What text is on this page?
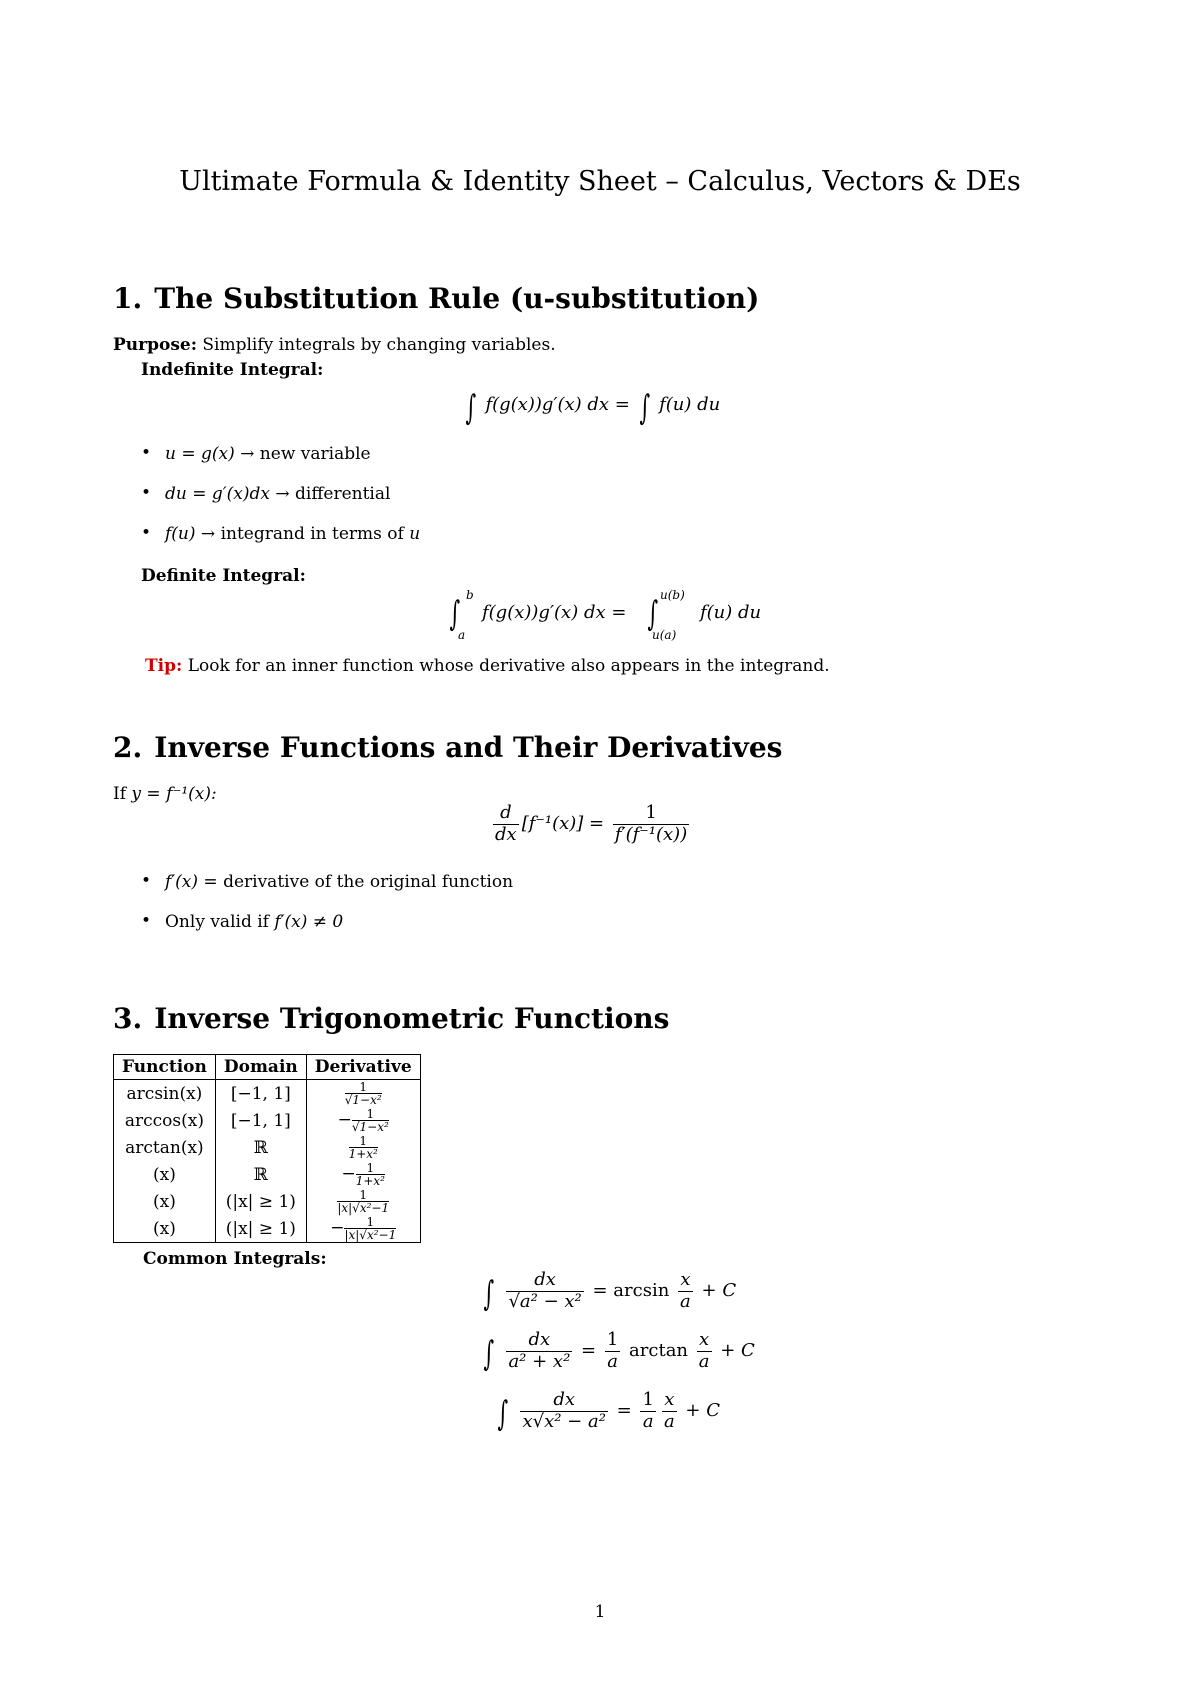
Ultimate Formula & Identity Sheet – Calculus, Vectors & DEs
1. The Substitution Rule (u-substitution)
Purpose: Simplify integrals by changing variables.
Indefinite Integral:
∫ f(g(x))g′(x) dx = ∫ f(u) du
• u = g(x) → new variable
• du = g′(x)dx → differential
• f(u) → integrand in terms of u
Definite Integral:
∫ b
a
f(g(x))g′(x) dx = ∫ u(b)
u(a)
f(u) du
Tip: Look for an inner function whose derivative also appears in the integrand.
2. Inverse Functions and Their Derivatives
If y = f⁻¹(x):
$\frac{d}{dx} [f^{-1}(x)] = \frac{1}{\text{f′(f⁻¹(x))}}$
• f′(x) = derivative of the original function
• Only valid if f′(x) ≠ 0
3. Inverse Trigonometric Functions
Function	Domain	Derivative
arcsin(x)	[−1, 1]	$\frac{1}{\text{√1−x²}}$

arccos(x)	[−1, 1]	− $\frac{1}{\text{√1−x²}}$

arctan(x)	ℝ	$\frac{1}{\text{1+x²}}$

(x)	ℝ	− $\frac{1}{\text{1+x²}}$

(x)	(|x| ≥ 1)	$\frac{1}{\text{|x|√x²−1}}$

(x)	(|x| ≥ 1)	− $\frac{1}{\text{|x|√x²−1}}$
Common Integrals:
∫ $\frac{dx}{\text{√a² − x²}} = \arcsin \frac{x}{a} + C$
∫ $\frac{dx}{\text{a² + x²}} = \frac{1}{a}$ $\arctan \frac{x}{a} + C$
∫ $\frac{dx}{\text{x√x² − a²}} = \frac{1}{a} \frac{x}{a} + C$
1
